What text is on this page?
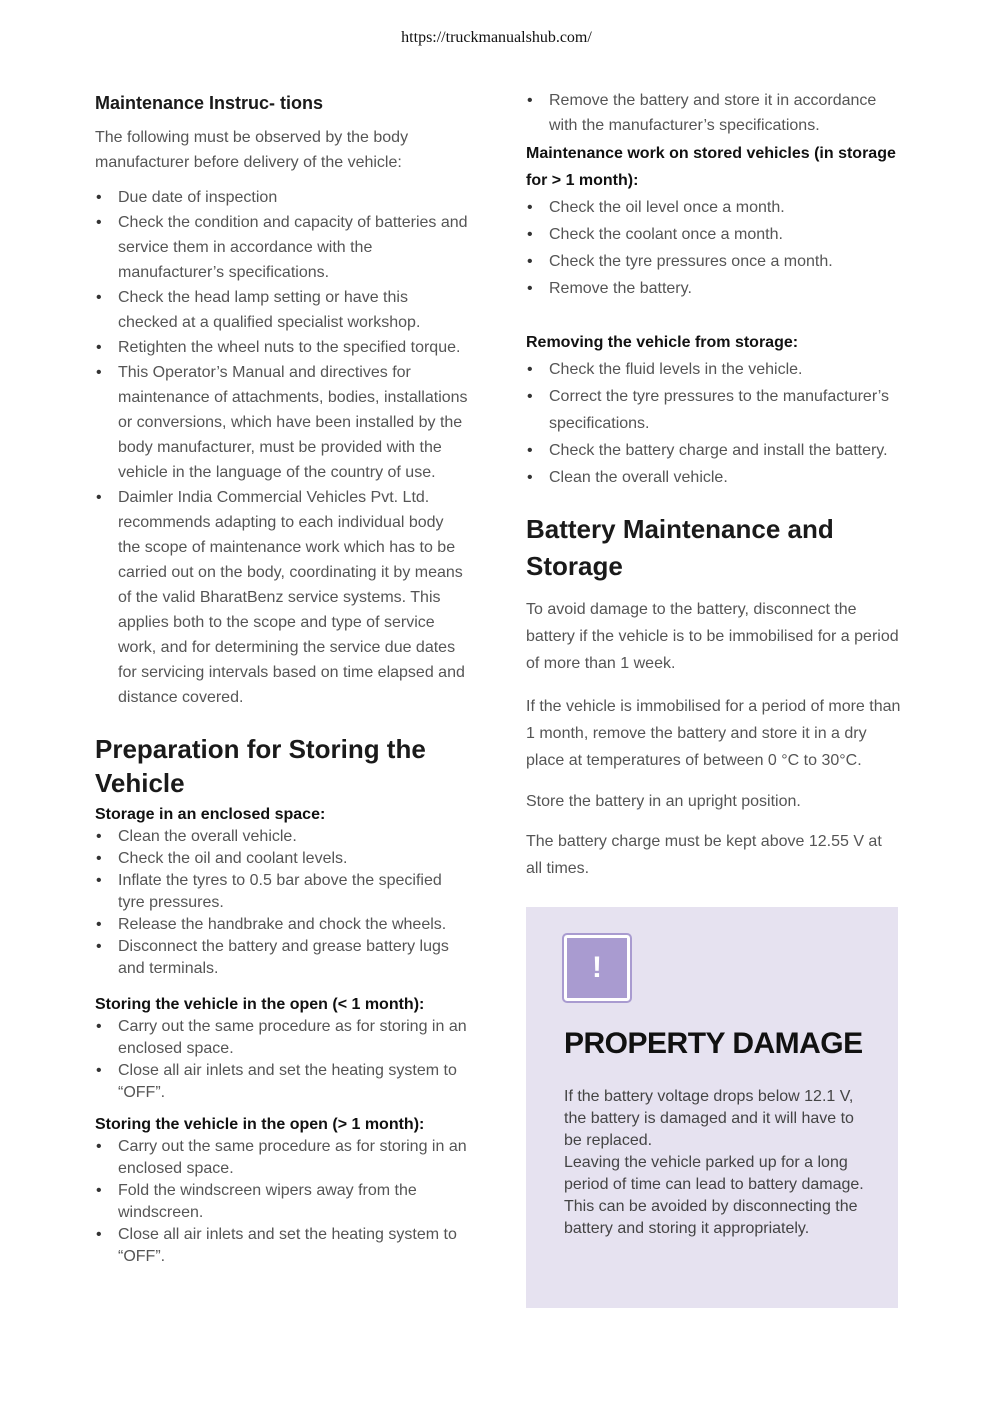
https://truckmanualshub.com/
Maintenance Instruc- tions

The following must be observed by the body manufacturer before delivery of the vehicle:

• Due date of inspection
• Check the condition and capacity of batteries and service them in accordance with the manufacturer’s specifications.
• Check the head lamp setting or have this checked at a qualified specialist workshop.
• Retighten the wheel nuts to the specified torque.
• This Operator’s Manual and directives for maintenance of attachments, bodies, installations or conversions, which have been installed by the body manufacturer, must be provided with the vehicle in the language of the country of use.
• Daimler India Commercial Vehicles Pvt. Ltd. recommends adapting to each individual body the scope of maintenance work which has to be carried out on the body, coordinating it by means of the valid BharatBenz service systems. This applies both to the scope and type of service work, and for determining the service due dates for servicing intervals based on time elapsed and distance covered.
Preparation for Storing the Vehicle
Storage in an enclosed space:
• Clean the overall vehicle.
• Check the oil and coolant levels.
• Inflate the tyres to 0.5 bar above the specified tyre pressures.
• Release the handbrake and chock the wheels.
• Disconnect the battery and grease battery lugs and terminals.
Storing the vehicle in the open (< 1 month):
• Carry out the same procedure as for storing in an enclosed space.
• Close all air inlets and set the heating system to “OFF”.
Storing the vehicle in the open (> 1 month):
• Carry out the same procedure as for storing in an enclosed space.
• Fold the windscreen wipers away from the windscreen.
• Close all air inlets and set the heating system to “OFF”.
• Remove the battery and store it in accordance with the manufacturer’s specifications.
Maintenance work on stored vehicles (in storage for > 1 month):
• Check the oil level once a month.
• Check the coolant once a month.
• Check the tyre pressures once a month.
• Remove the battery.
Removing the vehicle from storage:
• Check the fluid levels in the vehicle.
• Correct the tyre pressures to the manufacturer’s specifications.
• Check the battery charge and install the battery.
• Clean the overall vehicle.
Battery Maintenance and Storage

To avoid damage to the battery, disconnect the battery if the vehicle is to be immobilised for a period of more than 1 week.

If the vehicle is immobilised for a period of more than 1 month, remove the battery and store it in a dry place at temperatures of between 0 °C to 30°C.

Store the battery in an upright position.

The battery charge must be kept above 12.55 V at all times.

!
PROPERTY DAMAGE
If the battery voltage drops below 12.1 V, the battery is damaged and it will have to be replaced.
Leaving the vehicle parked up for a long period of time can lead to battery damage. This can be avoided by disconnecting the battery and storing it appropriately.
